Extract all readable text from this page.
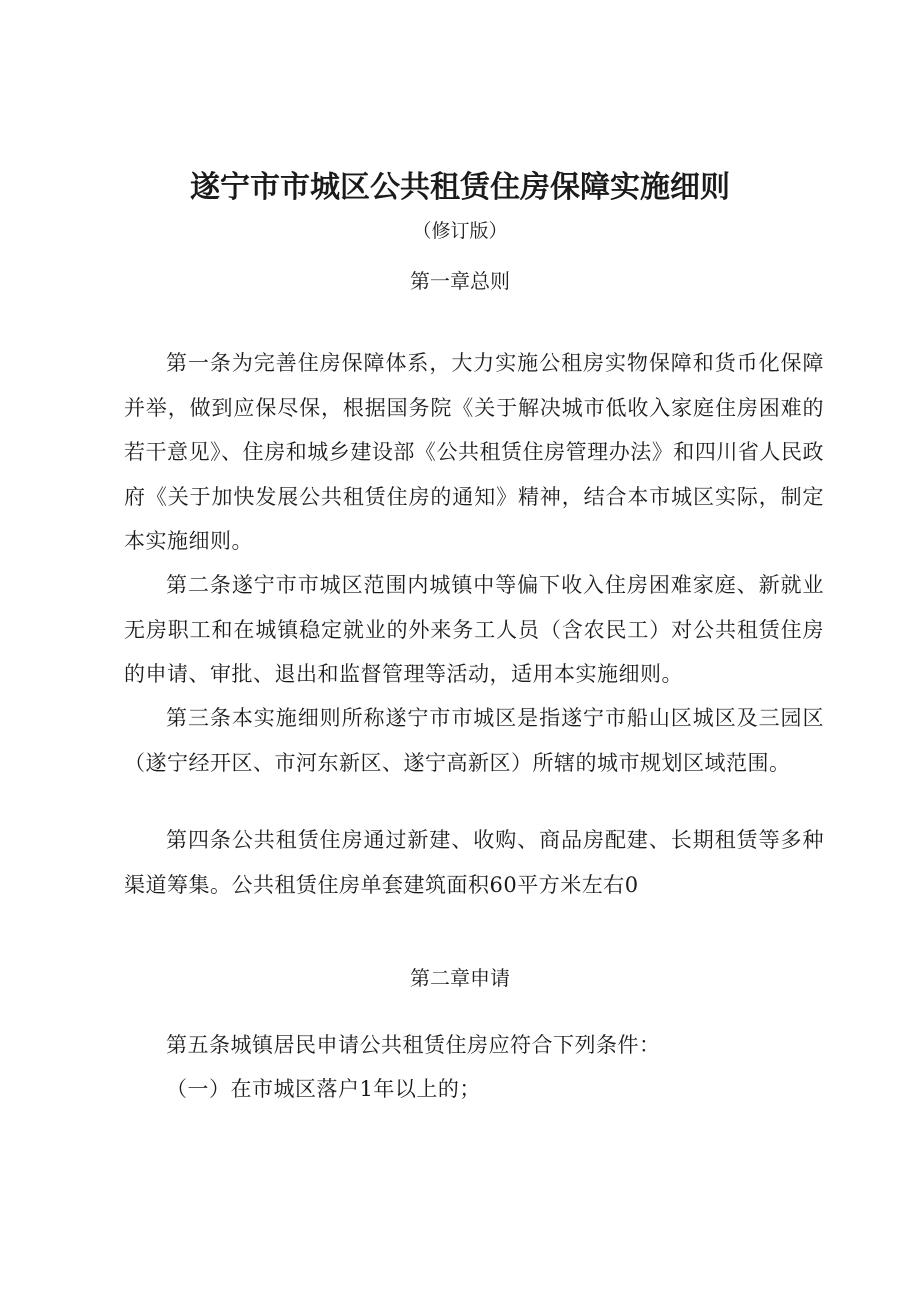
遂宁市市城区公共租赁住房保障实施细则
（修订版）
第一章总则
第一条为完善住房保障体系，大力实施公租房实物保障和货币化保障并举，做到应保尽保，根据国务院《关于解决城市低收入家庭住房困难的若干意见》、住房和城乡建设部《公共租赁住房管理办法》和四川省人民政府《关于加快发展公共租赁住房的通知》精神，结合本市城区实际，制定本实施细则。
第二条遂宁市市城区范围内城镇中等偏下收入住房困难家庭、新就业无房职工和在城镇稳定就业的外来务工人员（含农民工）对公共租赁住房的申请、审批、退出和监督管理等活动，适用本实施细则。
第三条本实施细则所称遂宁市市城区是指遂宁市船山区城区及三园区（遂宁经开区、市河东新区、遂宁高新区）所辖的城市规划区域范围。
第四条公共租赁住房通过新建、收购、商品房配建、长期租赁等多种渠道筹集。公共租赁住房单套建筑面积60平方米左右0
第二章申请
第五条城镇居民申请公共租赁住房应符合下列条件：
（一）在市城区落户1年以上的；
